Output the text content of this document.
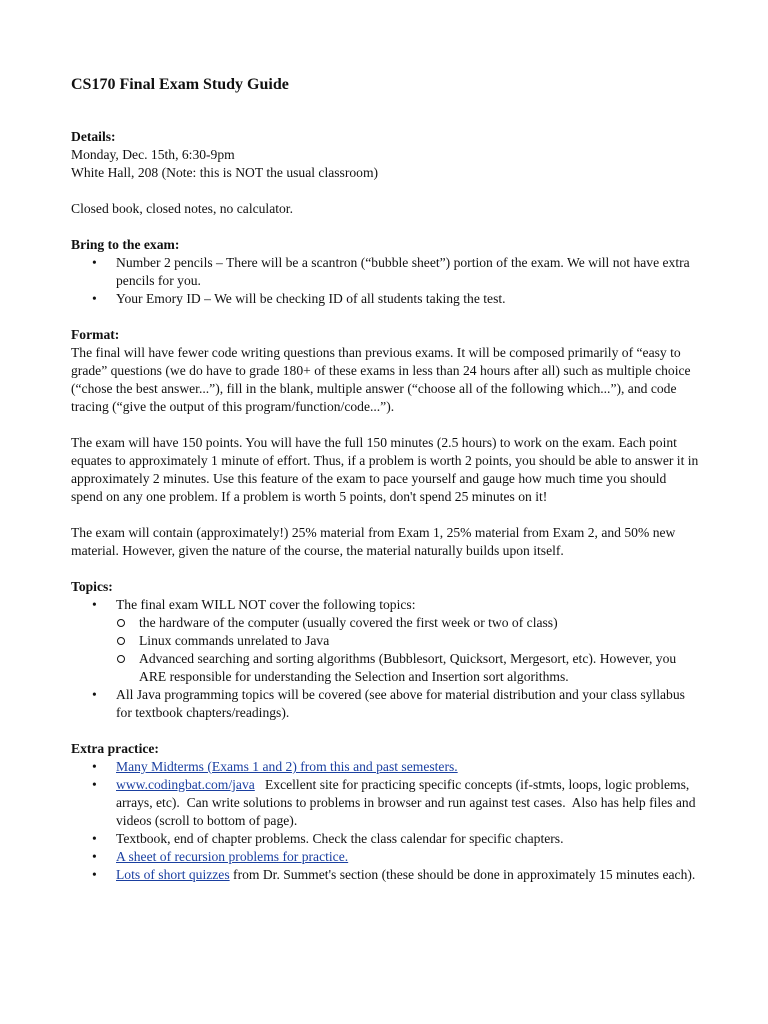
CS170 Final Exam Study Guide
Details:

Monday, Dec. 15th, 6:30-9pm

White Hall, 208 (Note: this is NOT the usual classroom)

Closed book, closed notes, no calculator.

Bring to the exam:
•	Number 2 pencils – There will be a scantron (“bubble sheet”) portion of the exam. We will not have extra pencils for you.
•	Your Emory ID – We will be checking ID of all students taking the test.
Format:

The final will have fewer code writing questions than previous exams. It will be composed primarily of “easy to grade” questions (we do have to grade 180+ of these exams in less than 24 hours after all) such as multiple choice (“chose the best answer...”), fill in the blank, multiple answer (“choose all of the following which...”), and code tracing (“give the output of this program/function/code...”).

The exam will have 150 points. You will have the full 150 minutes (2.5 hours) to work on the exam. Each point equates to approximately 1 minute of effort. Thus, if a problem is worth 2 points, you should be able to answer it in approximately 2 minutes. Use this feature of the exam to pace yourself and gauge how much time you should spend on any one problem. If a problem is worth 5 points, don't spend 25 minutes on it!

The exam will contain (approximately!) 25% material from Exam 1, 25% material from Exam 2, and 50% new material. However, given the nature of the course, the material naturally builds upon itself.

Topics:
•	The final exam WILL NOT cover the following topics:
the hardware of the computer (usually covered the first week or two of class)
Linux commands unrelated to Java
Advanced searching and sorting algorithms (Bubblesort, Quicksort, Mergesort, etc). However, you ARE responsible for understanding the Selection and Insertion sort algorithms.
•	All Java programming topics will be covered (see above for material distribution and your class syllabus for textbook chapters/readings).
Extra practice:
•	Many Midterms (Exams 1 and 2) from this and past semesters.
•	www.codingbat.com/java   Excellent site for practicing specific concepts (if-stmts, loops, logic problems, arrays, etc).  Can write solutions to problems in browser and run against test cases.  Also has help files and videos (scroll to bottom of page).
•	Textbook, end of chapter problems. Check the class calendar for specific chapters.
•	A sheet of recursion problems for practice.
•	Lots of short quizzes from Dr. Summet's section (these should be done in approximately 15 minutes each).
